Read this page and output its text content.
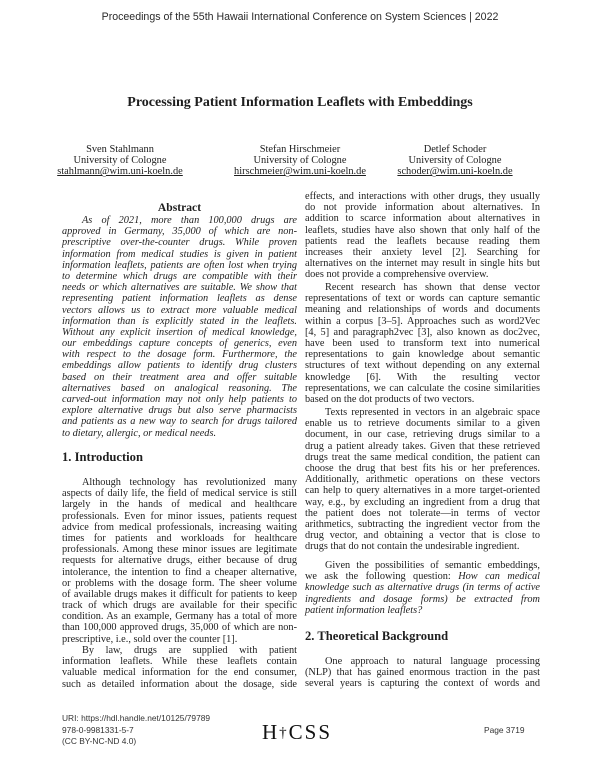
Proceedings of the 55th Hawaii International Conference on System Sciences | 2022
Processing Patient Information Leaflets with Embeddings
Sven Stahlmann
University of Cologne
stahlmann@wim.uni-koeln.de
Stefan Hirschmeier
University of Cologne
hirschmeier@wim.uni-koeln.de
Detlef Schoder
University of Cologne
schoder@wim.uni-koeln.de
Abstract
As of 2021, more than 100,000 drugs are
approved in Germany, 35,000 of which are non-
prescriptive over-the-counter drugs. While proven
information from medical studies is given in patient
information leaflets, patients are often lost when trying
to determine which drugs are compatible with their
needs or which alternatives are suitable. We show that
representing patient information leaflets as dense
vectors allows us to extract more valuable medical
information than is explicitly stated in the leaflets.
Without any explicit insertion of medical knowledge,
our embeddings capture concepts of generics, even
with respect to the dosage form. Furthermore, the
embeddings allow patients to identify drug clusters
based on their treatment area and offer suitable
alternatives based on analogical reasoning. The
carved-out information may not only help patients to
explore alternative drugs but also serve pharmacists
and patients as a new way to search for drugs tailored
to dietary, allergic, or medical needs.
1. Introduction
Although technology has revolutionized many
aspects of daily life, the field of medical service is still
largely in the hands of medical and healthcare
professionals. Even for minor issues, patients request
advice from medical professionals, increasing waiting
times for patients and workloads for healthcare
professionals. Among these minor issues are legitimate
requests for alternative drugs, either because of drug
intolerance, the intention to find a cheaper alternative,
or problems with the dosage form. The sheer volume
of available drugs makes it difficult for patients to keep
track of which drugs are available for their specific
condition. As an example, Germany has a total of more
than 100,000 approved drugs, 35,000 of which are non-
prescriptive, i.e., sold over the counter [1].
By law, drugs are supplied with patient
information leaflets. While these leaflets contain
valuable medical information for the end consumer,
such as detailed information about the dosage, side
effects, and interactions with other drugs, they usually
do not provide information about alternatives. In
addition to scarce information about alternatives in
leaflets, studies have also shown that only half of the
patients read the leaflets because reading them
increases their anxiety level [2]. Searching for
alternatives on the internet may result in single hits but
does not provide a comprehensive overview.
Recent research has shown that dense vector
representations of text or words can capture semantic
meaning and relationships of words and documents
within a corpus [3–5]. Approaches such as word2Vec
[4, 5] and paragraph2vec [3], also known as doc2vec,
have been used to transform text into numerical
representations to gain knowledge about semantic
structures of text without depending on any external
knowledge [6]. With the resulting vector
representations, we can calculate the cosine similarities
based on the dot products of two vectors.
Texts represented in vectors in an algebraic space
enable us to retrieve documents similar to a given
document, in our case, retrieving drugs similar to a
drug a patient already takes. Given that these retrieved
drugs treat the same medical condition, the patient can
choose the drug that best fits his or her preferences.
Additionally, arithmetic operations on these vectors
can help to query alternatives in a more target-oriented
way, e.g., by excluding an ingredient from a drug that
the patient does not tolerate—in terms of vector
arithmetics, subtracting the ingredient vector from the
drug vector, and obtaining a vector that is close to
drugs that do not contain the undesirable ingredient.
Given the possibilities of semantic embeddings,
we ask the following question: How can medical
knowledge such as alternative drugs (in terms of active
ingredients and dosage forms) be extracted from
patient information leaflets?
2. Theoretical Background
One approach to natural language processing
(NLP) that has gained enormous traction in the past
several years is capturing the context of words and
URI: https://hdl.handle.net/10125/79789
978-0-9981331-5-7
(CC BY-NC-ND 4.0)	H†CSS	Page 3719
